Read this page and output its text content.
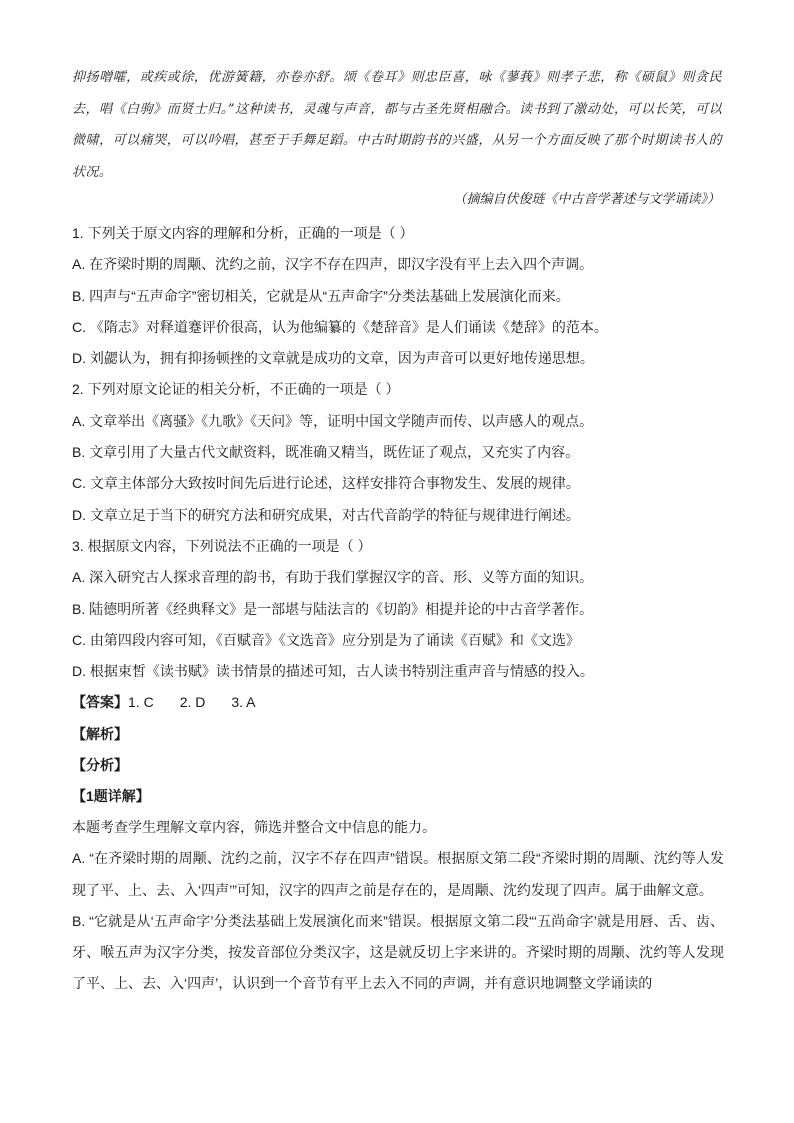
抑扬噌嚯，或疾或徐，优游簧籍，亦卷亦舒。颂《卷耳》则忠臣喜，咏《蓼莪》则孝子悲，称《硕鼠》则贪民去，唱《白驹》而贤士归。”这种读书，灵魂与声音，都与古圣先贤相融合。读书到了激动处，可以长笑，可以微啸，可以痛哭，可以吟唱，甚至于手舞足蹈。中古时期韵书的兴盛，从另一个方面反映了那个时期读书人的状况。

（摘编自伏俊琏《中古音学著述与文学诵读》）
1. 下列关于原文内容的理解和分析，正确的一项是（ ）
A. 在齐梁时期的周颙、沈约之前，汉字不存在四声，即汉字没有平上去入四个声调。
B. 四声与“五声命字”密切相关，它就是从“五声命字”分类法基础上发展演化而来。
C. 《隋志》对释道蹇评价很高，认为他编纂的《楚辞音》是人们诵读《楚辞》的范本。
D. 刘勰认为，拥有抑扬顿挫的文章就是成功的文章，因为声音可以更好地传递思想。
2. 下列对原文论证的相关分析，不正确的一项是（ ）
A. 文章举出《离骚》《九歌》《天问》等，证明中国文学随声而传、以声感人的观点。
B. 文章引用了大量古代文献资料，既准确又精当，既佐证了观点，又充实了内容。
C. 文章主体部分大致按时间先后进行论述，这样安排符合事物发生、发展的规律。
D. 文章立足于当下的研究方法和研究成果，对古代音韵学的特征与规律进行阐述。
3. 根据原文内容，下列说法不正确的一项是（ ）
A. 深入研究古人探求音理的韵书，有助于我们掌握汉字的音、形、义等方面的知识。
B. 陆德明所著《经典释文》是一部堪与陆法言的《切韵》相提并论的中古音学著作。
C. 由第四段内容可知，《百赋音》《文选音》应分别是为了诵读《百赋》和《文选》
D. 根据束皙《读书赋》读书情景的描述可知，古人读书特别注重声音与情感的投入。
【答案】1. C 2. D 3. A
【解析】
【分析】
【1题详解】

本题考查学生理解文章内容，筛选并整合文中信息的能力。

A. “在齐梁时期的周颙、沈约之前，汉字不存在四声”错误。根据原文第二段“齐梁时期的周颙、沈约等人发现了平、上、去、入‘四声’”可知，汉字的四声之前是存在的，是周颙、沈约发现了四声。属于曲解文意。

B. “它就是从‘五声命字’分类法基础上发展演化而来”错误。根据原文第二段“‘五尚命字’就是用唇、舌、齿、牙、喉五声为汉字分类，按发音部位分类汉字，这是就反切上字来讲的。齐梁时期的周颙、沈约等人发现了平、上、去、入‘四声’，认识到一个音节有平上去入不同的声调，并有意识地调整文学诵读的
